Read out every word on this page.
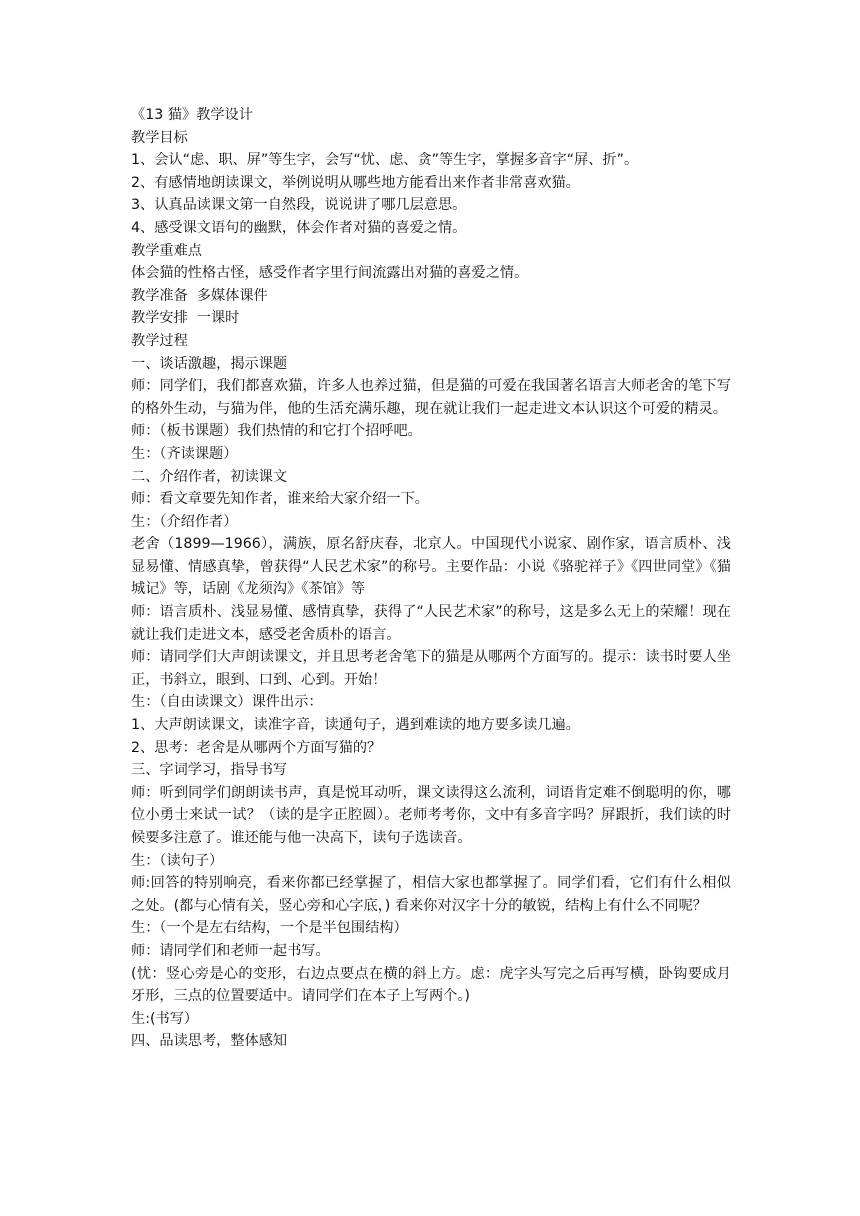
《13 猫》教学设计

教学目标

1、会认“虑、职、屏”等生字，会写“忧、虑、贪”等生字，掌握多音字“屏、折”。

2、有感情地朗读课文，举例说明从哪些地方能看出来作者非常喜欢猫。

3、认真品读课文第一自然段，说说讲了哪几层意思。

4、感受课文语句的幽默，体会作者对猫的喜爱之情。

教学重难点

体会猫的性格古怪，感受作者字里行间流露出对猫的喜爱之情。

教学准备  多媒体课件

教学安排  一课时

教学过程

一、谈话激趣，揭示课题

师：同学们，我们都喜欢猫，许多人也养过猫，但是猫的可爱在我国著名语言大师老舍的笔下写的格外生动，与猫为伴，他的生活充满乐趣，现在就让我们一起走进文本认识这个可爱的精灵。

师：（板书课题）我们热情的和它打个招呼吧。

生：（齐读课题）

二、介绍作者，初读课文

师：看文章要先知作者，谁来给大家介绍一下。

生：（介绍作者）

老舍（1899—1966），满族，原名舒庆春，北京人。中国现代小说家、剧作家，语言质朴、浅显易懂、情感真挚，曾获得“人民艺术家”的称号。主要作品：小说《骆驼祥子》《四世同堂》《猫城记》等，话剧《龙须沟》《茶馆》等

师：语言质朴、浅显易懂、感情真挚，获得了“人民艺术家”的称号，这是多么无上的荣耀！现在就让我们走进文本，感受老舍质朴的语言。

师：请同学们大声朗读课文，并且思考老舍笔下的猫是从哪两个方面写的。提示：读书时要人坐正，书斜立，眼到、口到、心到。开始！

生：（自由读课文）课件出示：

1、大声朗读课文，读准字音，读通句子，遇到难读的地方要多读几遍。

2、思考：老舍是从哪两个方面写猫的？

三、字词学习，指导书写

师：听到同学们朗朗读书声，真是悦耳动听，课文读得这么流利，词语肯定难不倒聪明的你，哪位小勇士来试一试？（读的是字正腔圆）。老师考考你，文中有多音字吗？屏跟折，我们读的时候要多注意了。谁还能与他一决高下，读句子选读音。

生：（读句子）

师:回答的特别响亮，看来你都已经掌握了，相信大家也都掌握了。同学们看，它们有什么相似之处。(都与心情有关，竖心旁和心字底，) 看来你对汉字十分的敏锐，结构上有什么不同呢？

生：（一个是左右结构，一个是半包围结构）

师：请同学们和老师一起书写。

(忧：竖心旁是心的变形，右边点要点在横的斜上方。虑：虎字头写完之后再写横，卧钩要成月牙形，三点的位置要适中。请同学们在本子上写两个。)

生:(书写）

四、品读思考，整体感知
